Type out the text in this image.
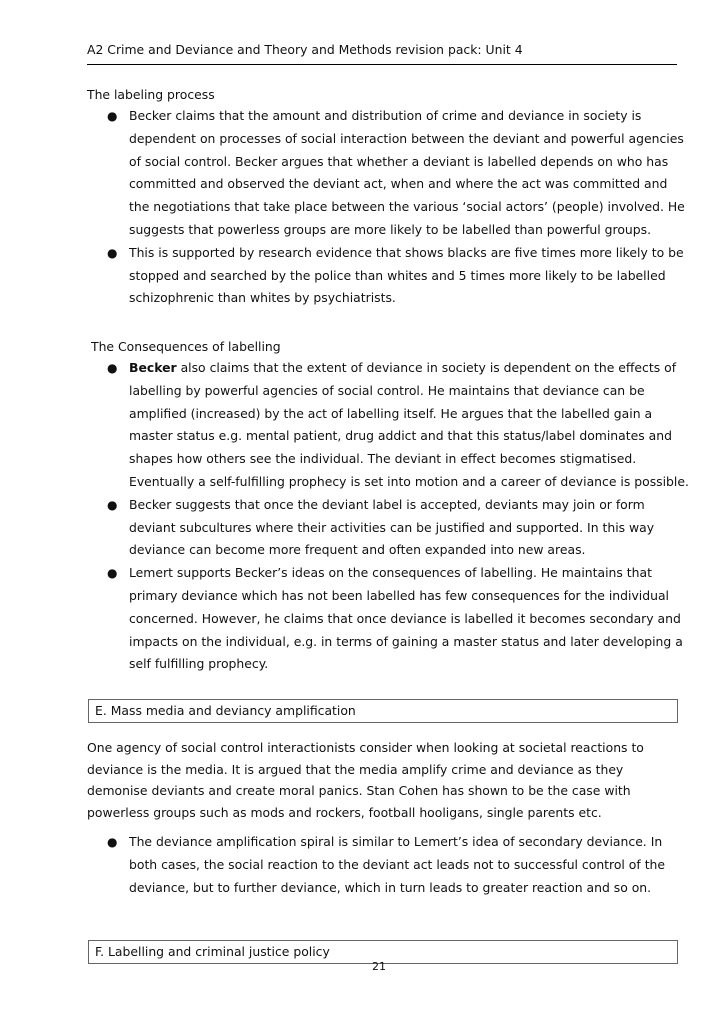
A2 Crime and Deviance and Theory and Methods revision pack: Unit 4
The labeling process
● Becker claims that the amount and distribution of crime and deviance in society is dependent on processes of social interaction between the deviant and powerful agencies of social control. Becker argues that whether a deviant is labelled depends on who has committed and observed the deviant act, when and where the act was committed and the negotiations that take place between the various ‘social actors’ (people) involved. He suggests that powerless groups are more likely to be labelled than powerful groups.
● This is supported by research evidence that shows blacks are five times more likely to be stopped and searched by the police than whites and 5 times more likely to be labelled schizophrenic than whites by psychiatrists.
The Consequences of labelling
● Becker also claims that the extent of deviance in society is dependent on the effects of labelling by powerful agencies of social control. He maintains that deviance can be amplified (increased) by the act of labelling itself. He argues that the labelled gain a master status e.g. mental patient, drug addict and that this status/label dominates and shapes how others see the individual. The deviant in effect becomes stigmatised. Eventually a self-fulfilling prophecy is set into motion and a career of deviance is possible.
● Becker suggests that once the deviant label is accepted, deviants may join or form deviant subcultures where their activities can be justified and supported. In this way deviance can become more frequent and often expanded into new areas.
● Lemert supports Becker’s ideas on the consequences of labelling. He maintains that primary deviance which has not been labelled has few consequences for the individual concerned. However, he claims that once deviance is labelled it becomes secondary and impacts on the individual, e.g. in terms of gaining a master status and later developing a self fulfilling prophecy.
E. Mass media and deviancy amplification
One agency of social control interactionists consider when looking at societal reactions to deviance is the media. It is argued that the media amplify crime and deviance as they demonise deviants and create moral panics. Stan Cohen has shown to be the case with powerless groups such as mods and rockers, football hooligans, single parents etc.
● The deviance amplification spiral is similar to Lemert’s idea of secondary deviance. In both cases, the social reaction to the deviant act leads not to successful control of the deviance, but to further deviance, which in turn leads to greater reaction and so on.
F. Labelling and criminal justice policy
21
